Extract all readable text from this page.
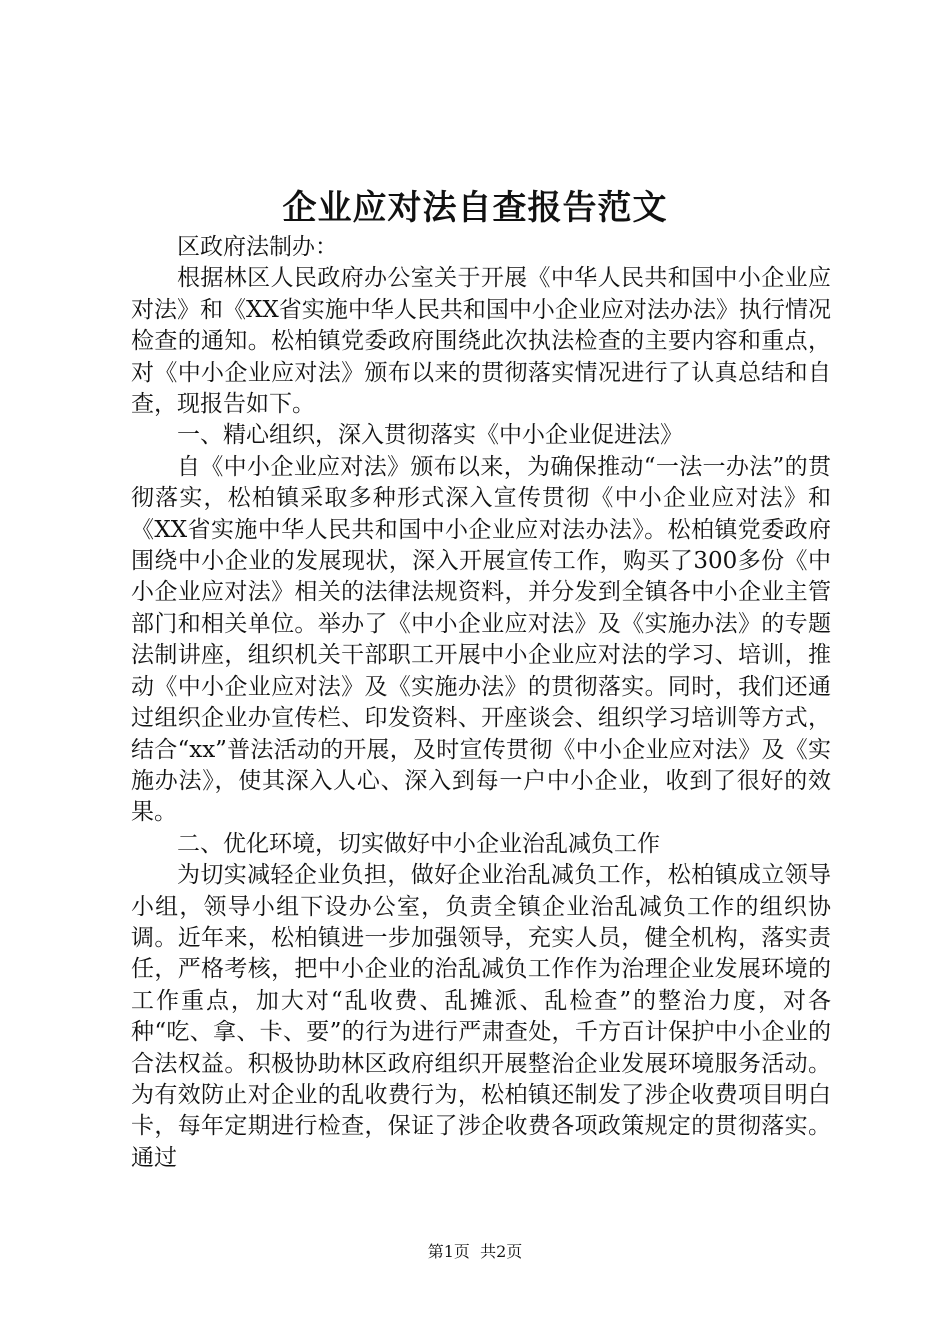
企业应对法自查报告范文

区政府法制办：

根据林区人民政府办公室关于开展《中华人民共和国中小企业应对法》和《XX省实施中华人民共和国中小企业应对法办法》执行情况检查的通知。松柏镇党委政府围绕此次执法检查的主要内容和重点，对《中小企业应对法》颁布以来的贯彻落实情况进行了认真总结和自查，现报告如下。

一、精心组织，深入贯彻落实《中小企业促进法》

自《中小企业应对法》颁布以来，为确保推动“一法一办法”的贯彻落实，松柏镇采取多种形式深入宣传贯彻《中小企业应对法》和《XX省实施中华人民共和国中小企业应对法办法》。松柏镇党委政府围绕中小企业的发展现状，深入开展宣传工作，购买了300多份《中小企业应对法》相关的法律法规资料，并分发到全镇各中小企业主管部门和相关单位。举办了《中小企业应对法》及《实施办法》的专题法制讲座，组织机关干部职工开展中小企业应对法的学习、培训，推动《中小企业应对法》及《实施办法》的贯彻落实。同时，我们还通过组织企业办宣传栏、印发资料、开座谈会、组织学习培训等方式，结合“xx”普法活动的开展，及时宣传贯彻《中小企业应对法》及《实施办法》，使其深入人心、深入到每一户中小企业，收到了很好的效果。

二、优化环境，切实做好中小企业治乱减负工作

为切实减轻企业负担，做好企业治乱减负工作，松柏镇成立领导小组，领导小组下设办公室，负责全镇企业治乱减负工作的组织协调。近年来，松柏镇进一步加强领导，充实人员，健全机构，落实责任，严格考核，把中小企业的治乱减负工作作为治理企业发展环境的工作重点，加大对“乱收费、乱摊派、乱检查”的整治力度，对各种“吃、拿、卡、要”的行为进行严肃查处，千方百计保护中小企业的合法权益。积极协助林区政府组织开展整治企业发展环境服务活动。为有效防止对企业的乱收费行为，松柏镇还制发了涉企收费项目明白卡，每年定期进行检查，保证了涉企收费各项政策规定的贯彻落实。通过

第1页 共2页
